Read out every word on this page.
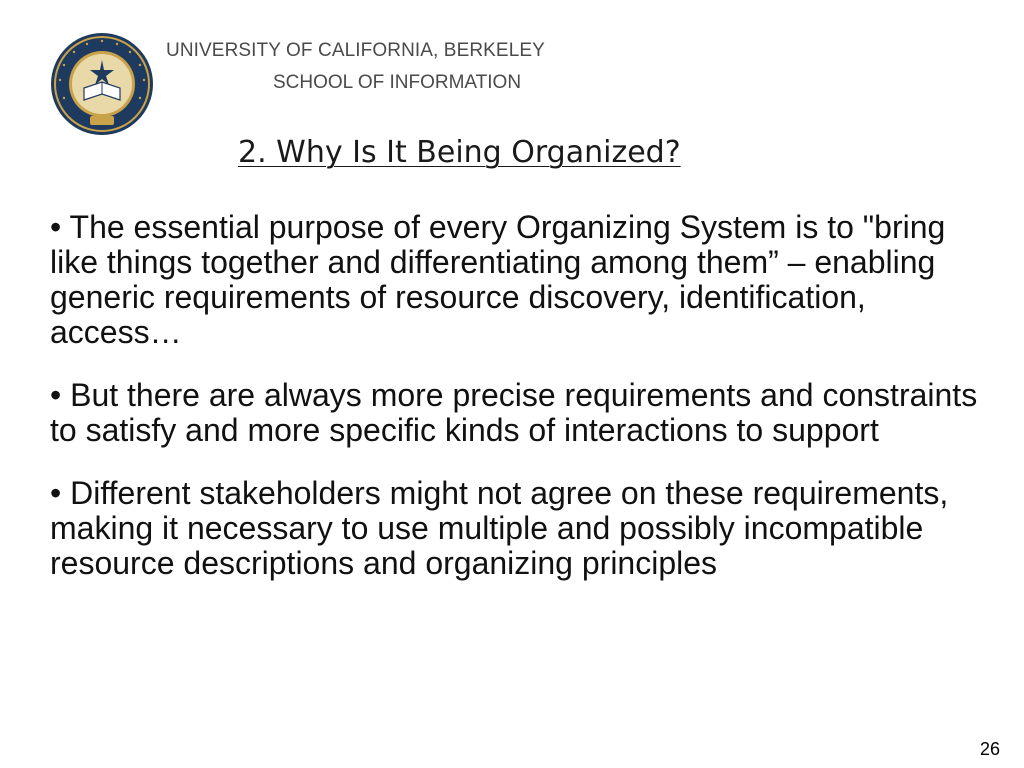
UNIVERSITY OF CALIFORNIA, BERKELEY
SCHOOL OF INFORMATION
2. Why Is It Being Organized?

• The essential purpose of every Organizing System is to "bring like things together and differentiating among them” – enabling generic requirements of resource discovery, identification, access…

• But there are always more precise requirements and constraints to satisfy and more specific kinds of interactions to support

• Different stakeholders might not agree on these requirements, making it necessary to use multiple and possibly incompatible resource descriptions and organizing principles

26
